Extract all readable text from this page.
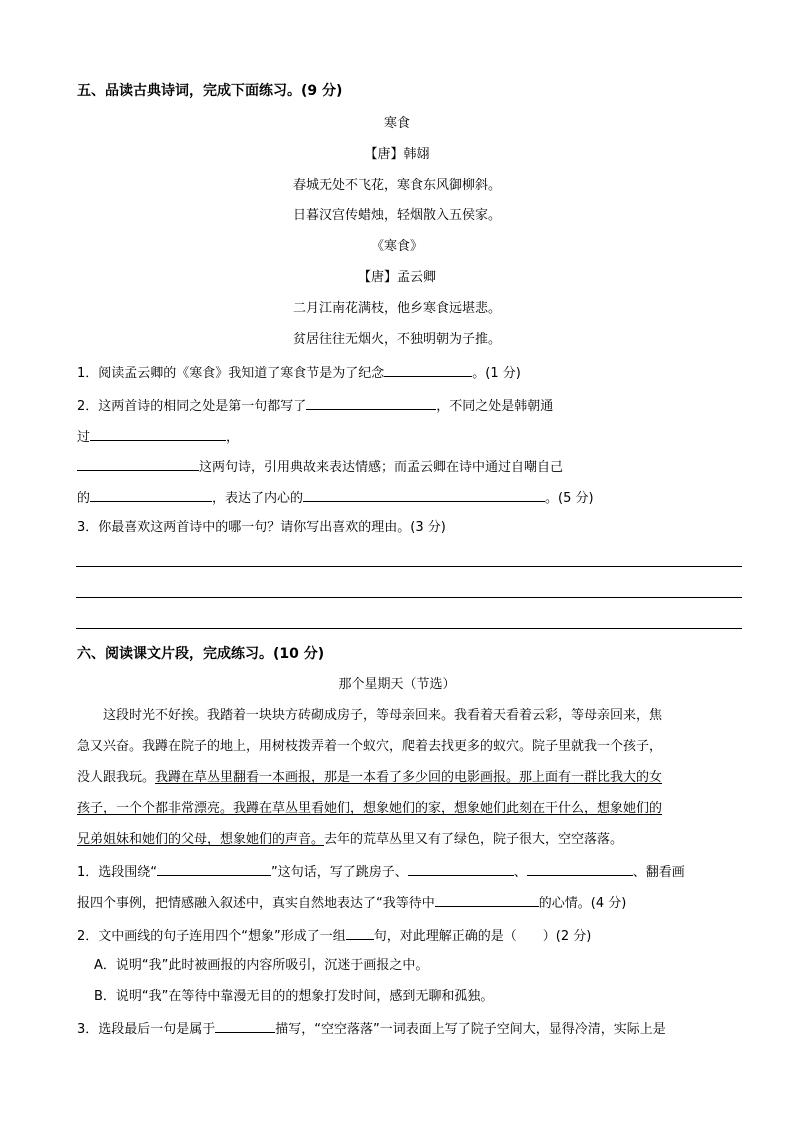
五、品读古典诗词，完成下面练习。(9 分)
寒食
【唐】韩翃
春城无处不飞花，寒食东风御柳斜。
日暮汉宫传蜡烛，轻烟散入五侯家。
《寒食》
【唐】孟云卿
二月江南花满枝，他乡寒食远堪悲。
贫居往往无烟火，不独明朝为子推。
1．阅读孟云卿的《寒食》我知道了寒食节是为了纪念	。(1 分)
2．这两首诗的相同之处是第一句都写了	，不同之处是韩朝通
过	，
这两句诗，引用典故来表达情感；而孟云卿在诗中通过自嘲自己
的	，表达了内心的	。(5 分)
3．你最喜欢这两首诗中的哪一句？请你写出喜欢的理由。(3 分)
六、阅读课文片段，完成练习。(10 分)
那个星期天（节选）
这段时光不好挨。我踏着一块块方砖砌成房子，等母亲回来。我看着天看着云彩，等母亲回来，焦
急又兴奋。我蹲在院子的地上，用树枝拨弄着一个蚁穴，爬着去找更多的蚁穴。院子里就我一个孩子，
没人跟我玩。我蹲在草丛里翻看一本画报，那是一本看了多少回的电影画报。那上面有一群比我大的女
孩子，一个个都非常漂亮。我蹲在草丛里看她们，想象她们的家，想象她们此刻在干什么，想象她们的
兄弟姐妹和她们的父母，想象她们的声音。去年的荒草丛里又有了绿色，院子很大，空空落落。
1．选段围绕“	”这句话，写了跳房子、	、	、翻看画
报四个事例，把情感融入叙述中，真实自然地表达了“我等待中	的心情。(4 分)
2．文中画线的句子连用四个“想象”形成了一组 句，对此理解正确的是（　　）(2 分)
A．说明“我”此时被画报的内容所吸引，沉迷于画报之中。
B．说明“我”在等待中靠漫无目的的想象打发时间，感到无聊和孤独。
3．选段最后一句是属于	描写，“空空落落”一词表面上写了院子空间大，显得冷清，实际上是
